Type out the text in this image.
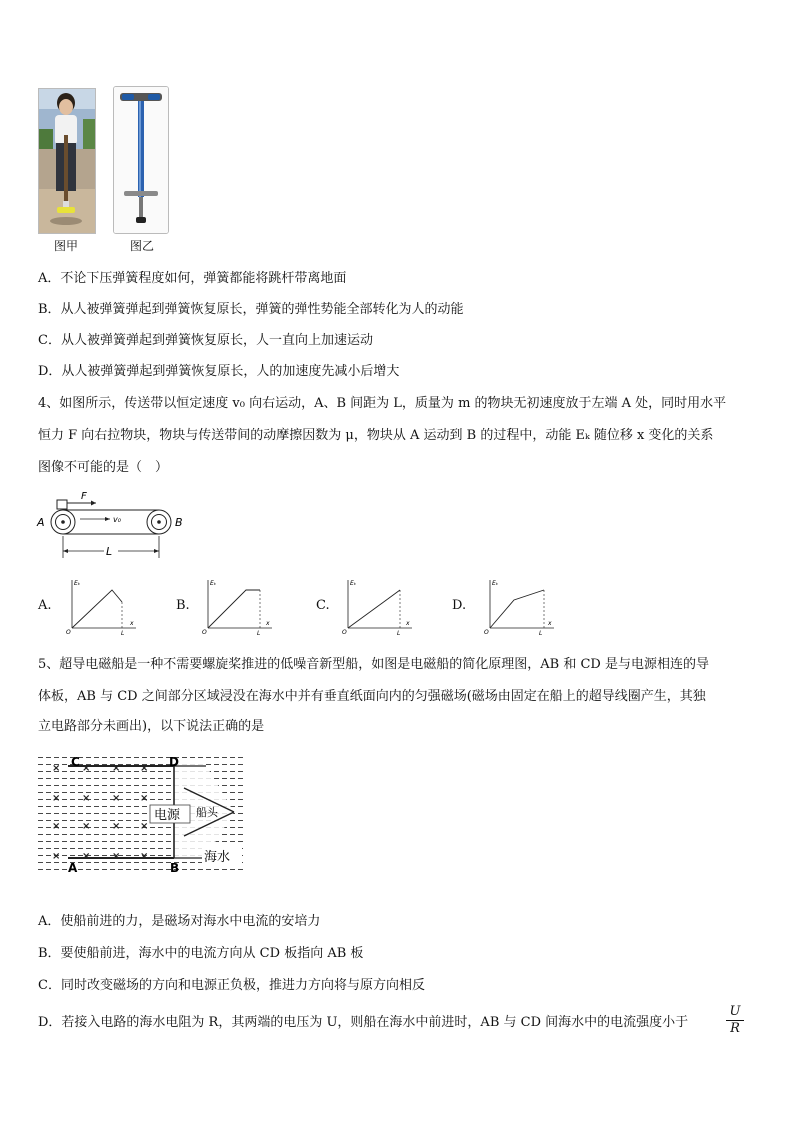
图甲	图乙
A．不论下压弹簧程度如何，弹簧都能将跳杆带离地面
B．从人被弹簧弹起到弹簧恢复原长，弹簧的弹性势能全部转化为人的动能
C．从人被弹簧弹起到弹簧恢复原长，人一直向上加速运动
D．从人被弹簧弹起到弹簧恢复原长，人的加速度先减小后增大
4、如图所示，传送带以恒定速度 v₀ 向右运动，A、B 间距为 L，质量为 m 的物块无初速度放于左端 A 处，同时用水平
恒力 F 向右拉物块，物块与传送带间的动摩擦因数为 μ，物块从 A 运动到 B 的过程中，动能 Eₖ 随位移 x 变化的关系
图像不可能的是（　）
F
v₀
A	B
L
A.
Eₖ
x
O	L
B.
Eₖ
x
O	L
C.
Eₖ
x
O	L
D.
Eₖ
x
O	L
5、超导电磁船是一种不需要螺旋桨推进的低噪音新型船，如图是电磁船的简化原理图，AB 和 CD 是与电源相连的导
体板，AB 与 CD 之间部分区域浸没在海水中并有垂直纸面向内的匀强磁场(磁场由固定在船上的超导线圈产生，其独
立电路部分未画出)，以下说法正确的是
× × × ×
× × × ×
× × × ×
× × × ×
C	D
A	B
电源 船头
海水
A．使船前进的力，是磁场对海水中电流的安培力
B．要使船前进，海水中的电流方向从 CD 板指向 AB 板
C．同时改变磁场的方向和电源正负极，推进力方向将与原方向相反
D．若接入电路的海水电阻为 R，其两端的电压为 U，则船在海水中前进时，AB 与 CD 间海水中的电流强度小于
U
R
